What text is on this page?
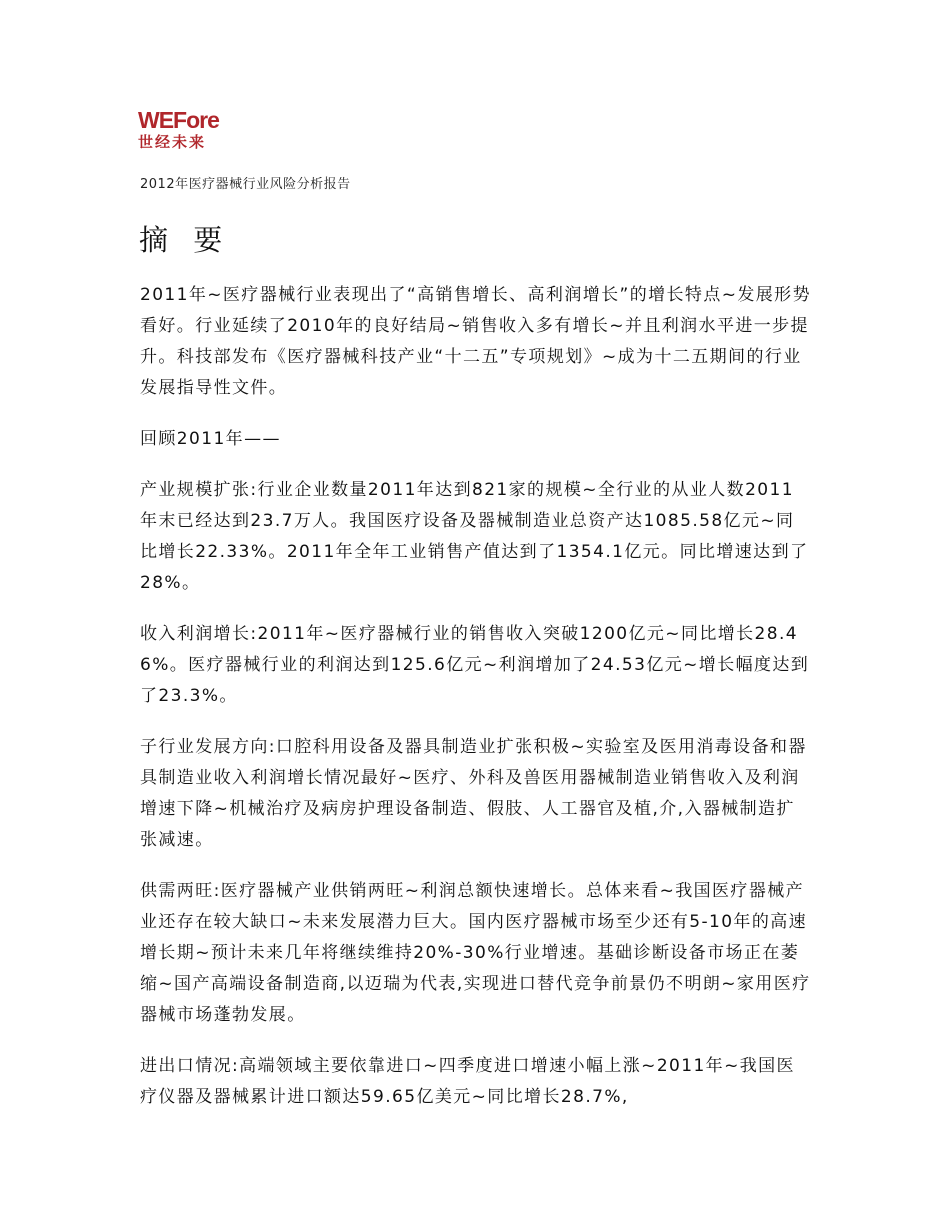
WEFore
世经未来
2012年医疗器械行业风险分析报告
摘 要

2011年~医疗器械行业表现出了“高销售增长、高利润增长”的增长特点~发展形势看好。行业延续了2010年的良好结局~销售收入多有增长~并且利润水平进一步提升。科技部发布《医疗器械科技产业“十二五”专项规划》~成为十二五期间的行业发展指导性文件。

回顾2011年——

产业规模扩张:行业企业数量2011年达到821家的规模~全行业的从业人数2011年末已经达到23.7万人。我国医疗设备及器械制造业总资产达1085.58亿元~同比增长22.33%。2011年全年工业销售产值达到了1354.1亿元。同比增速达到了28%。

收入利润增长:2011年~医疗器械行业的销售收入突破1200亿元~同比增长28.46%。医疗器械行业的利润达到125.6亿元~利润增加了24.53亿元~增长幅度达到了23.3%。

子行业发展方向:口腔科用设备及器具制造业扩张积极~实验室及医用消毒设备和器具制造业收入利润增长情况最好~医疗、外科及兽医用器械制造业销售收入及利润增速下降~机械治疗及病房护理设备制造、假肢、人工器官及植,介,入器械制造扩张减速。

供需两旺:医疗器械产业供销两旺~利润总额快速增长。总体来看~我国医疗器械产业还存在较大缺口~未来发展潜力巨大。国内医疗器械市场至少还有5-10年的高速增长期~预计未来几年将继续维持20%-30%行业增速。基础诊断设备市场正在萎缩~国产高端设备制造商,以迈瑞为代表,实现进口替代竞争前景仍不明朗~家用医疗器械市场蓬勃发展。

进出口情况:高端领域主要依靠进口~四季度进口增速小幅上涨~2011年~我国医疗仪器及器械累计进口额达59.65亿美元~同比增长28.7%,
